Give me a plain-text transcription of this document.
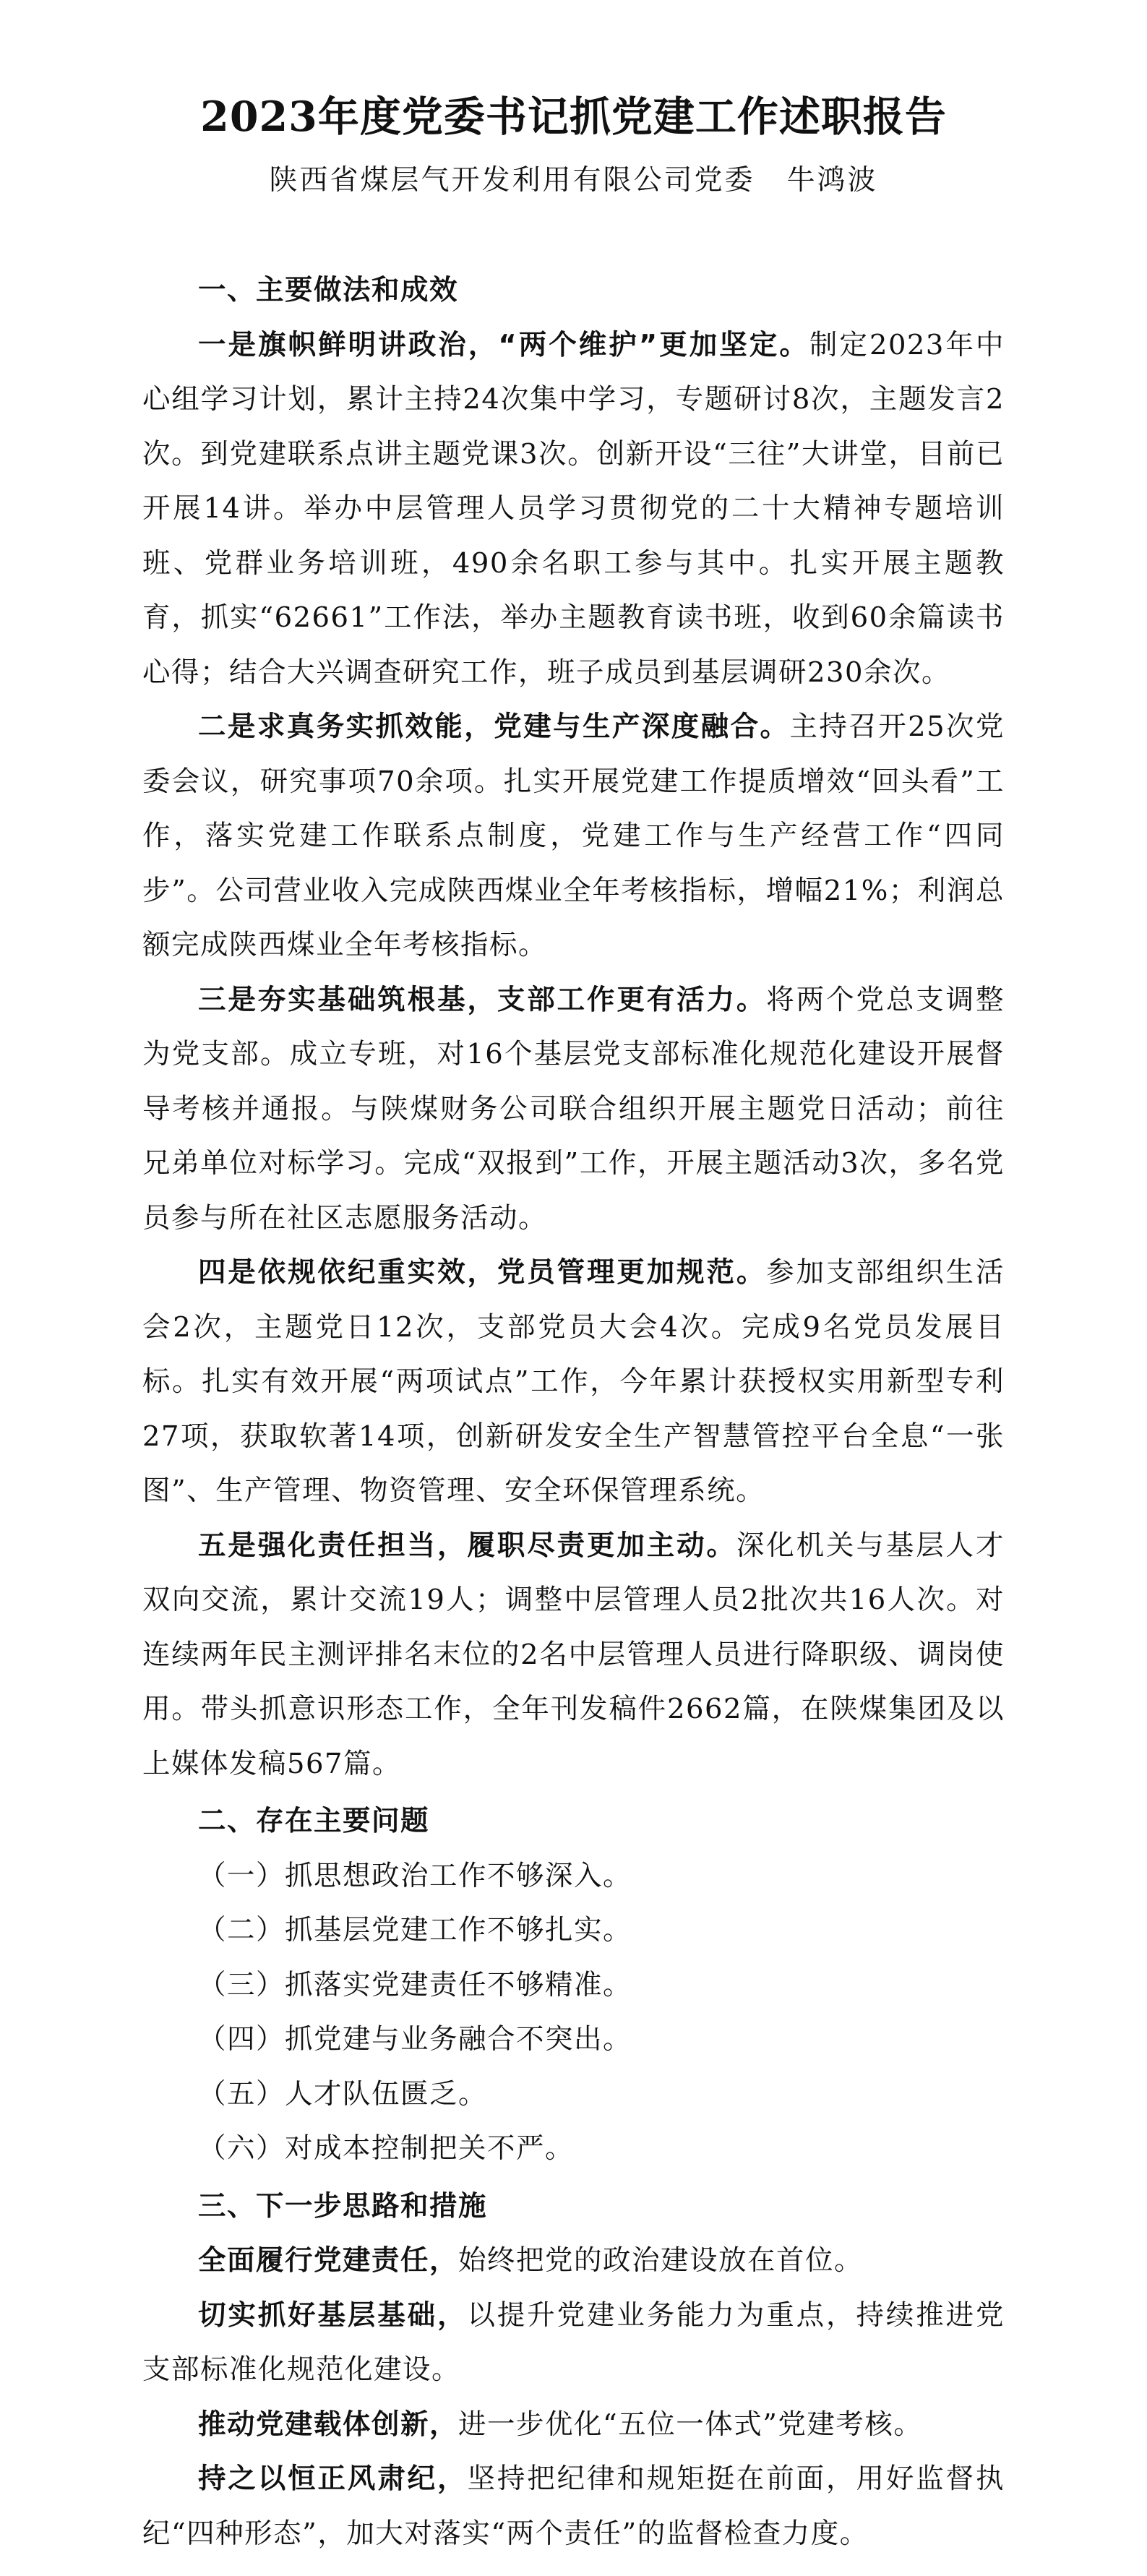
2023年度党委书记抓党建工作述职报告
陕西省煤层气开发利用有限公司党委 牛鸿波

一、主要做法和成效

一是旗帜鲜明讲政治，“两个维护”更加坚定。制定2023年中心组学习计划，累计主持24次集中学习，专题研讨8次，主题发言2次。到党建联系点讲主题党课3次。创新开设“三往”大讲堂，目前已开展14讲。举办中层管理人员学习贯彻党的二十大精神专题培训班、党群业务培训班，490余名职工参与其中。扎实开展主题教育，抓实“62661”工作法，举办主题教育读书班，收到60余篇读书心得；结合大兴调查研究工作，班子成员到基层调研230余次。

二是求真务实抓效能，党建与生产深度融合。主持召开25次党委会议，研究事项70余项。扎实开展党建工作提质增效“回头看”工作，落实党建工作联系点制度，党建工作与生产经营工作“四同步”。公司营业收入完成陕西煤业全年考核指标，增幅21%；利润总额完成陕西煤业全年考核指标。

三是夯实基础筑根基，支部工作更有活力。将两个党总支调整为党支部。成立专班，对16个基层党支部标准化规范化建设开展督导考核并通报。与陕煤财务公司联合组织开展主题党日活动；前往兄弟单位对标学习。完成“双报到”工作，开展主题活动3次，多名党员参与所在社区志愿服务活动。

四是依规依纪重实效，党员管理更加规范。参加支部组织生活会2次，主题党日12次，支部党员大会4次。完成9名党员发展目标。扎实有效开展“两项试点”工作，今年累计获授权实用新型专利27项，获取软著14项，创新研发安全生产智慧管控平台全息“一张图”、生产管理、物资管理、安全环保管理系统。

五是强化责任担当，履职尽责更加主动。深化机关与基层人才双向交流，累计交流19人；调整中层管理人员2批次共16人次。对连续两年民主测评排名末位的2名中层管理人员进行降职级、调岗使用。带头抓意识形态工作，全年刊发稿件2662篇，在陕煤集团及以上媒体发稿567篇。

二、存在主要问题

（一）抓思想政治工作不够深入。

（二）抓基层党建工作不够扎实。

（三）抓落实党建责任不够精准。

（四）抓党建与业务融合不突出。

（五）人才队伍匮乏。

（六）对成本控制把关不严。

三、下一步思路和措施

全面履行党建责任，始终把党的政治建设放在首位。

切实抓好基层基础，以提升党建业务能力为重点，持续推进党支部标准化规范化建设。

推动党建载体创新，进一步优化“五位一体式”党建考核。

持之以恒正风肃纪，坚持把纪律和规矩挺在前面，用好监督执纪“四种形态”，加大对落实“两个责任”的监督检查力度。
